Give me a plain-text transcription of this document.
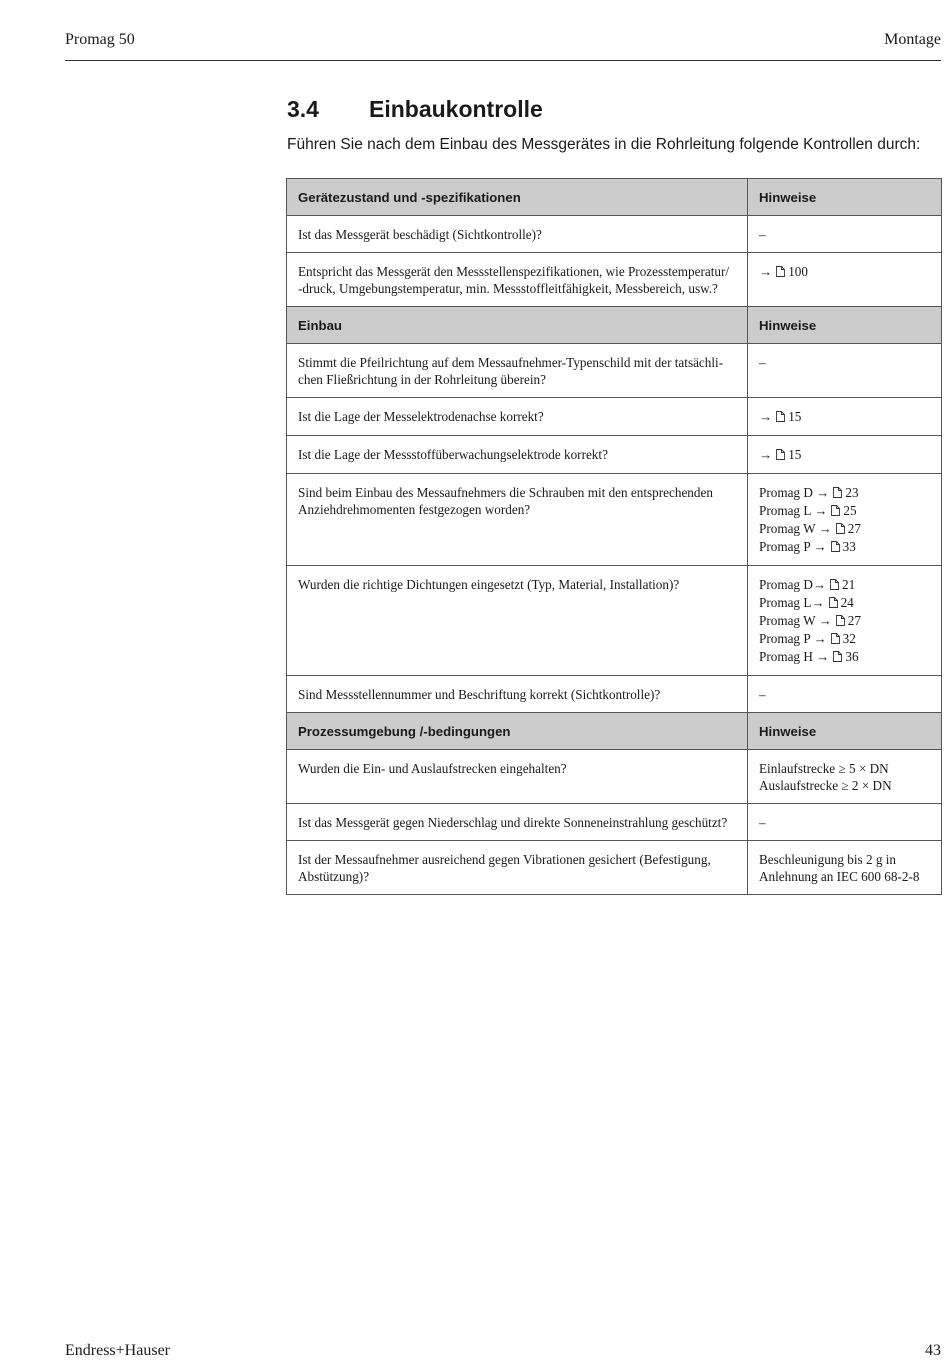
Promag 50	Montage
3.4 Einbaukontrolle
Führen Sie nach dem Einbau des Messgerätes in die Rohrleitung folgende Kontrollen durch:
Gerätezustand und -spezifikationen	Hinweise

Ist das Messgerät beschädigt (Sichtkontrolle)?	–

Entspricht das Messgerät den Messstellenspezifikationen, wie Prozesstemperatur/
-druck, Umgebungstemperatur, min. Messstoffleitfähigkeit, Messbereich, usw.?	→ 100

Einbau	Hinweise

Stimmt die Pfeilrichtung auf dem Messaufnehmer-Typenschild mit der tatsächli-
chen Fließrichtung in der Rohrleitung überein?	–

Ist die Lage der Messelektrodenachse korrekt?	→ 15

Ist die Lage der Messstoffüberwachungselektrode korrekt?	→ 15

Sind beim Einbau des Messaufnehmers die Schrauben mit den entsprechenden
Anziehdrehmomenten festgezogen worden?	Promag D → 23
Promag L → 25
Promag W → 27
Promag P → 33

Wurden die richtige Dichtungen eingesetzt (Typ, Material, Installation)?	Promag D→ 21
Promag L→ 24
Promag W → 27
Promag P → 32
Promag H → 36

Sind Messstellennummer und Beschriftung korrekt (Sichtkontrolle)?	–

Prozessumgebung /-bedingungen	Hinweise

Wurden die Ein- und Auslaufstrecken eingehalten?	Einlaufstrecke ≥ 5 × DN
Auslaufstrecke ≥ 2 × DN

Ist das Messgerät gegen Niederschlag und direkte Sonneneinstrahlung geschützt?	–

Ist der Messaufnehmer ausreichend gegen Vibrationen gesichert (Befestigung,
Abstützung)?	Beschleunigung bis 2 g in
Anlehnung an IEC 600 68-2-8
Endress+Hauser	43
